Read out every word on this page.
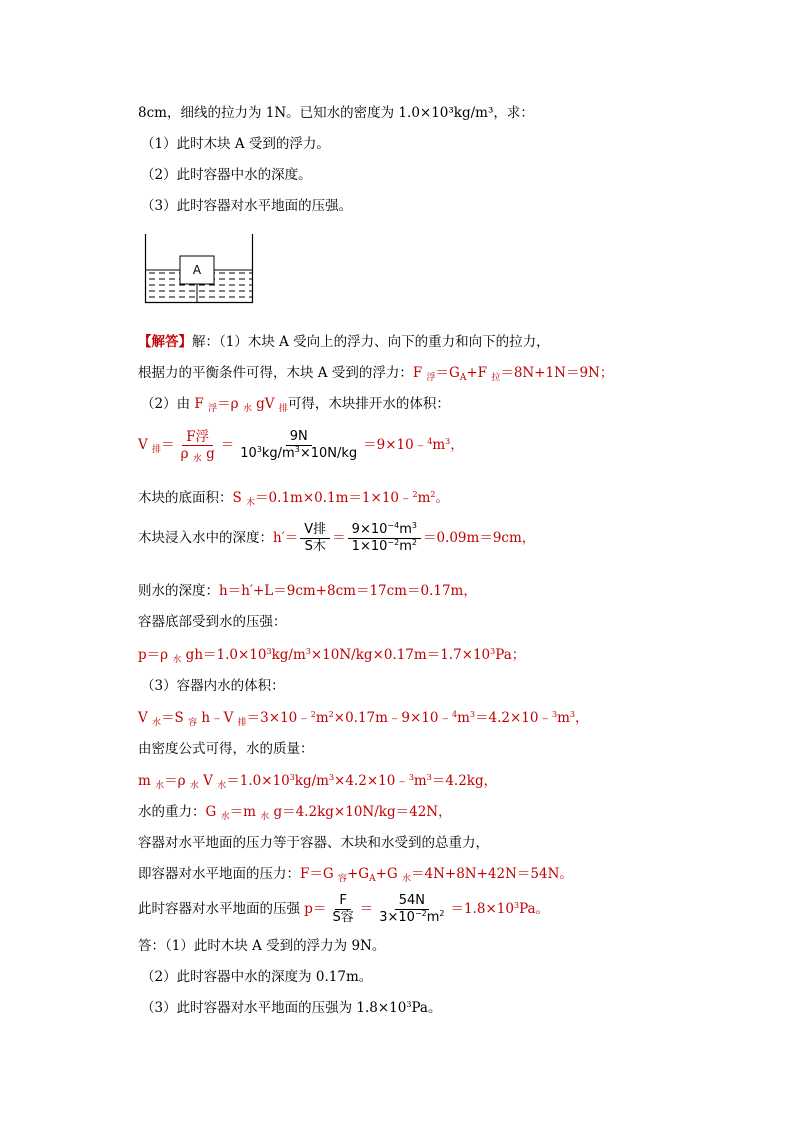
8cm，细线的拉力为 1N。已知水的密度为 1.0×10³kg/m³，求：
（1）此时木块 A 受到的浮力。
（2）此时容器中水的深度。
（3）此时容器对水平地面的压强。
A
【解答】解：（1）木块 A 受向上的浮力、向下的重力和向下的拉力，
根据力的平衡条件可得，木块 A 受到的浮力：F $_浮=G_A+F$ $_拉$＝8N+1N＝9N；
（2）由 F $_浮$＝ρ $_水$ gV $_排$可得，木块排开水的体积：
V $_排= \frac{\text{F浮}}{\rho _水 g} = \frac{9N}{10^3kg/m^3\times 10N/kg}$ $=9\times 10﹣^4m^3$，
木块的底面积：S $_木=0.1m\times 0.1m=1\times 10﹣^2m^2$。
木块浸入水中的深度：$h'= \frac{\text{V排}}{\text{S木}} = \frac{9\times 10^{-4}m^3}{1\times 10^{-2}m^2} =0.09m=9cm$，
则水的深度：h＝h′+L＝9cm+8cm＝17cm＝0.17m，
容器底部受到水的压强：
p＝ρ $_水$ $gh=1.0\times 10^3kg/m^3\times 10N/kg\times 0.17m=1.7\times 10^3Pa$；
（3）容器内水的体积：
V $_水$＝S $_容$ h﹣V $_排=3\times 10﹣^2m^2\times 0.17m﹣9\times 10﹣^4m^3=4.2\times 10﹣^3m^3$，
由密度公式可得，水的质量：
m $_水$＝ρ $_水$ V $_水=1.0\times 10^3kg/m^3\times 4.2\times 10﹣^3m^3=4.2kg$，
水的重力：G $_水$＝m $_水$ g＝4.2kg×10N/kg＝42N，
容器对水平地面的压力等于容器、木块和水受到的总重力，
即容器对水平地面的压力：F＝G $_容+G_A+G$ $_水$＝4N+8N+42N＝54N。
此时容器对水平地面的压强 $p= \frac{F}{\text{S容}} = \frac{54N}{3\times 10^{-2}m^2} =1.8\times 10^3Pa$。
答：（1）此时木块 A 受到的浮力为 9N。
（2）此时容器中水的深度为 0.17m。
（3）此时容器对水平地面的压强为 $1.8\times 10^3Pa$。
